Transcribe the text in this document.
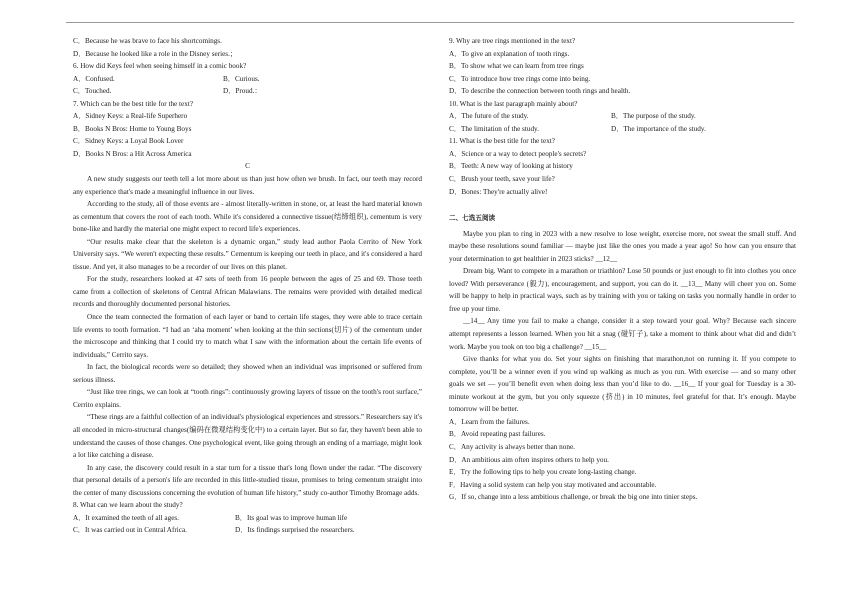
C．Because he was brave to face his shortcomings.
D．Because he looked like a role in the Disney series.；
6. How did Keys feel when seeing himself in a comic book?
A．Confused.	B．Curious.
C．Touched.	D．Proud.：
7. Which can be the best title for the text?
A．Sidney Keys: a Real-life Superhero
B．Books N Bros: Home to Young Boys
C．Sidney Keys: a Loyal Book Lover
D．Books N Bros: a Hit Across America
C
A new study suggests our teeth tell a lot more about us than just how often we brush. In fact, our teeth may record any experience that's made a meaningful influence in our lives.
According to the study, all of those events are - almost literally-written in stone, or, at least the hard material known as cementum that covers the root of each tooth. While it's considered a connective tissue(结缔组织), cementum is very bone-like and hardly the material one might expect to record life's experiences.
“Our results make clear that the skeleton is a dynamic organ,” study lead author Paola Cerrito of New York University says. “We weren't expecting these results.” Cementum is keeping our teeth in place, and it's considered a hard tissue. And yet, it also manages to be a recorder of our lives on this planet.
For the study, researchers looked at 47 sets of teeth from 16 people between the ages of 25 and 69. Those teeth came from a collection of skeletons of Central African Malawians. The remains were provided with detailed medical records and thoroughly documented personal histories.
Once the team connected the formation of each layer or band to certain life stages, they were able to trace certain life events to tooth formation. “I had an ‘aha moment’ when looking at the thin sections(切片) of the cementum under the microscope and thinking that I could try to match what I saw with the information about the certain life events of individuals,” Cerrito says.
In fact, the biological records were so detailed; they showed when an individual was imprisoned or suffered from serious illness.
“Just like tree rings, we can look at “tooth rings”: continuously growing layers of tissue on the tooth's root surface,” Cerrito explains.
“These rings are a faithful collection of an individual's physiological experiences and stressors.” Researchers say it's all encoded in micro-structural changes(编码在微观结构变化中) to a certain layer. But so far, they haven't been able to understand the causes of those changes. One psychological event, like going through an ending of a marriage, might look a lot like catching a disease.
In any case, the discovery could result in a star turn for a tissue that's long flown under the radar. “The discovery that personal details of a person's life are recorded in this little-studied tissue, promises to bring cementum straight into the center of many discussions concerning the evolution of human life history,” study co-author Timothy Bromage adds.
8. What can we learn about the study?
A．It examined the teeth of all ages.	B．Its goal was to improve human life
C．It was carried out in Central Africa.	D．Its findings surprised the researchers.
9. Why are tree rings mentioned in the text?
A．To give an explanation of tooth rings.
B．To show what we can learn from tree rings
C．To introduce how tree rings come into being.
D．To describe the connection between tooth rings and health.
10. What is the last paragraph mainly about?
A．The future of the study.	B．The purpose of the study.
C．The limitation of the study.	D．The importance of the study.
11. What is the best title for the text?
A．Science or a way to detect people's secrets?
B．Teeth: A new way of looking at history
C．Brush your teeth, save your life?
D．Bones: They're actually alive!
二、七选五阅读
Maybe you plan to ring in 2023 with a new resolve to lose weight, exercise more, not sweat the small stuff. And maybe these resolutions sound familiar — maybe just like the ones you made a year ago! So how can you ensure that your determination to get healthier in 2023 sticks? __12__
Dream big. Want to compete in a marathon or triathlon? Lose 50 pounds or just enough to fit into clothes you once loved? With perseverance (毅力), encouragement, and support, you can do it. __13__ Many will cheer you on. Some will be happy to help in practical ways, such as by training with you or taking on tasks you normally handle in order to free up your time.
__14__ Any time you fail to make a change, consider it a step toward your goal. Why? Because each sincere attempt represents a lesson learned. When you hit a snag (碰钉子), take a moment to think about what did and didn’t work. Maybe you took on too big a challenge? __15__
Give thanks for what you do. Set your sights on finishing that marathon,not on running it. If you compete to complete, you’ll be a winner even if you wind up walking as much as you run. With exercise — and so many other goals we set — you’ll benefit even when doing less than you’d like to do. __16__ If your goal for Tuesday is a 30-minute workout at the gym, but you only squeeze (挤出) in 10 minutes, feel grateful for that. It’s enough. Maybe tomorrow will be better.
A．Learn from the failures.
B．Avoid repeating past failures.
C．Any activity is always better than none.
D．An ambitious aim often inspires others to help you.
E．Try the following tips to help you create long-lasting change.
F．Having a solid system can help you stay motivated and accountable.
G．If so, change into a less ambitious challenge, or break the big one into tinier steps.
